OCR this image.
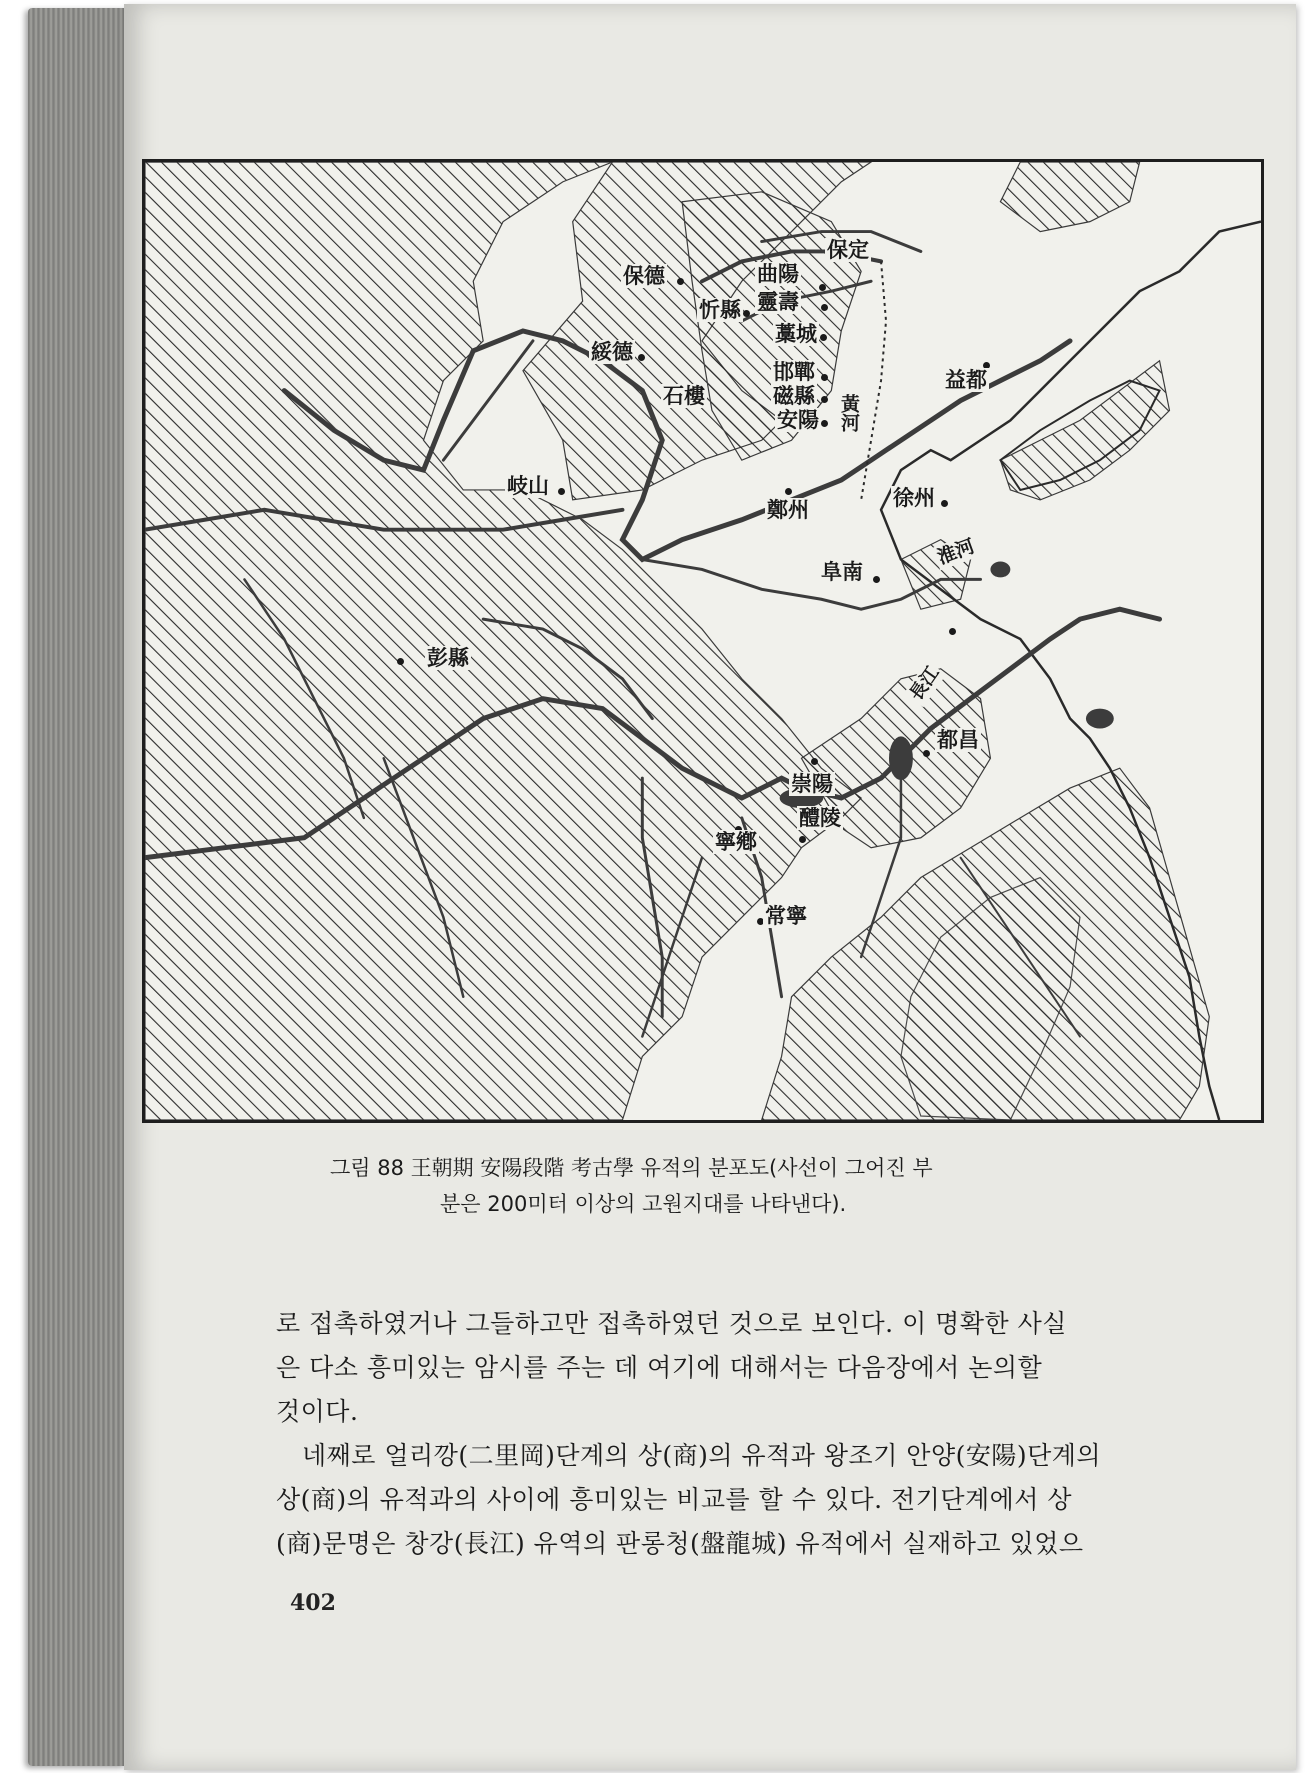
保定
曲陽
保德
忻縣 靈壽
藁城
綏德
邯鄲
石樓	磁縣
安陽 黃河
益都
岐山
鄭州	徐州
淮河
阜南
彭縣
長江
都昌
崇陽
醴陵
寧鄕
常寧
그림 88 王朝期 安陽段階 考古學 유적의 분포도(사선이 그어진 부
분은 200미터 이상의 고원지대를 나타낸다).

로 접촉하였거나 그들하고만 접촉하였던 것으로 보인다. 이 명확한 사실

은 다소 흥미있는 암시를 주는 데 여기에 대해서는 다음장에서 논의할

것이다.

네째로 얼리깡(二里岡)단계의 상(商)의 유적과 왕조기 안양(安陽)단계의

상(商)의 유적과의 사이에 흥미있는 비교를 할 수 있다. 전기단계에서 상

(商)문명은 창강(長江) 유역의 판롱청(盤龍城) 유적에서 실재하고 있었으

402
